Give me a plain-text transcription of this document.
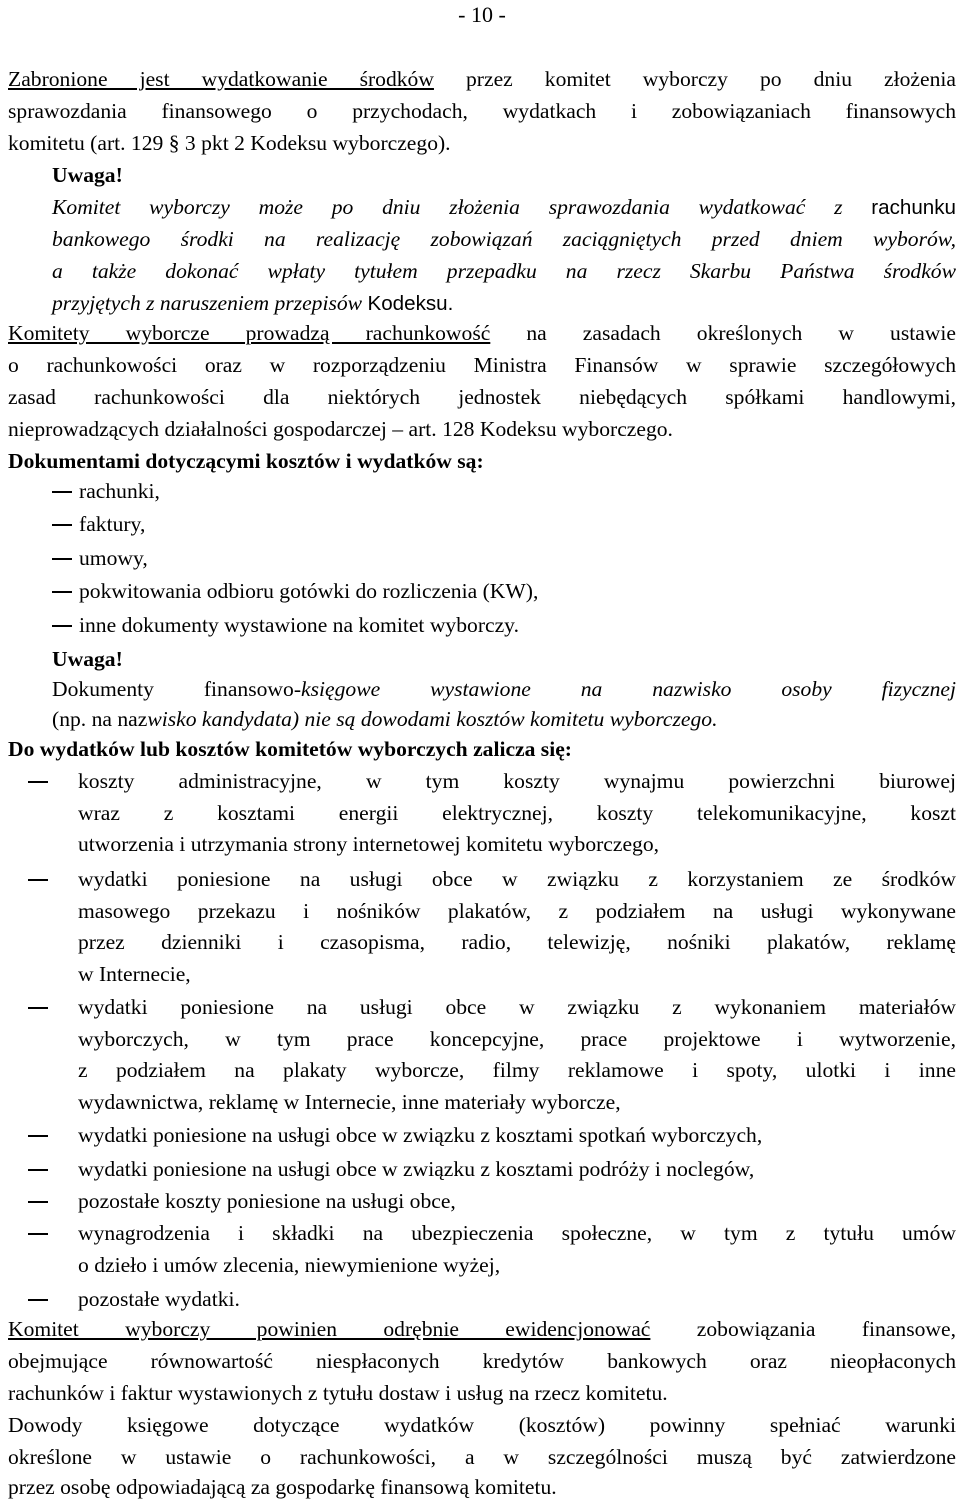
- 10 -
Zabronione jest wydatkowanie środków przez komitet wyborczy po dniu złożenia
sprawozdania finansowego o przychodach, wydatkach i zobowiązaniach finansowych
komitetu (art. 129 § 3 pkt 2 Kodeksu wyborczego).
Uwaga!
Komitet wyborczy może po dniu złożenia sprawozdania wydatkować z rachunku
bankowego środki na realizację zobowiązań zaciągniętych przed dniem wyborów,
a także dokonać wpłaty tytułem przepadku na rzecz Skarbu Państwa środków
przyjętych z naruszeniem przepisów Kodeksu.
Komitety wyborcze prowadzą rachunkowość na zasadach określonych w ustawie
o rachunkowości oraz w rozporządzeniu Ministra Finansów w sprawie szczegółowych
zasad rachunkowości dla niektórych jednostek niebędących spółkami handlowymi,
nieprowadzących działalności gospodarczej – art. 128 Kodeksu wyborczego.
Dokumentami dotyczącymi kosztów i wydatków są:
rachunki,
faktury,
umowy,
pokwitowania odbioru gotówki do rozliczenia (KW),
inne dokumenty wystawione na komitet wyborczy.
Uwaga!
Dokumenty finansowo-księgowe wystawione na nazwisko osoby fizycznej
(np. na nazwisko kandydata) nie są dowodami kosztów komitetu wyborczego.
Do wydatków lub kosztów komitetów wyborczych zalicza się:
koszty administracyjne, w tym koszty wynajmu powierzchni biurowej
wraz z kosztami energii elektrycznej, koszty telekomunikacyjne, koszt
utworzenia i utrzymania strony internetowej komitetu wyborczego,
wydatki poniesione na usługi obce w związku z korzystaniem ze środków
masowego przekazu i nośników plakatów, z podziałem na usługi wykonywane
przez dzienniki i czasopisma, radio, telewizję, nośniki plakatów, reklamę
w Internecie,
wydatki poniesione na usługi obce w związku z wykonaniem materiałów
wyborczych, w tym prace koncepcyjne, prace projektowe i wytworzenie,
z podziałem na plakaty wyborcze, filmy reklamowe i spoty, ulotki i inne
wydawnictwa, reklamę w Internecie, inne materiały wyborcze,
wydatki poniesione na usługi obce w związku z kosztami spotkań wyborczych,
wydatki poniesione na usługi obce w związku z kosztami podróży i noclegów,
pozostałe koszty poniesione na usługi obce,
wynagrodzenia i składki na ubezpieczenia społeczne, w tym z tytułu umów
o dzieło i umów zlecenia, niewymienione wyżej,
pozostałe wydatki.
Komitet wyborczy powinien odrębnie ewidencjonować zobowiązania finansowe,
obejmujące równowartość niespłaconych kredytów bankowych oraz nieopłaconych
rachunków i faktur wystawionych z tytułu dostaw i usług na rzecz komitetu.
Dowody księgowe dotyczące wydatków (kosztów) powinny spełniać warunki
określone w ustawie o rachunkowości, a w szczególności muszą być zatwierdzone
przez osobę odpowiadającą za gospodarkę finansową komitetu.
